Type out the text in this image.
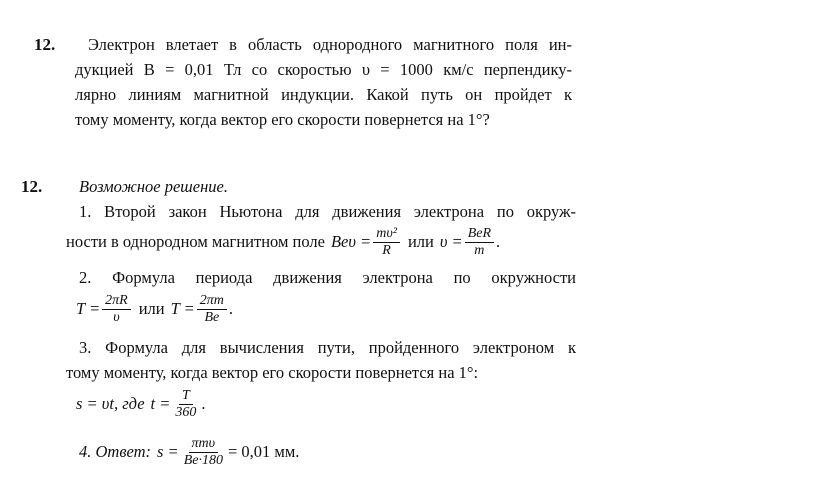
12. Электрон влетает в область однородного магнитного поля ин-
дукцией B = 0,01 Тл со скоростью υ = 1000 км/с перпендику-
лярно линиям магнитной индукции. Какой путь он пройдет к
тому моменту, когда вектор его скорости повернется на 1°?
12. Возможное решение.
1. Второй закон Ньютона для движения электрона по окруж-
ности в однородном магнитном поле $Be\upsilon = \frac{\text{mυ²}}{R}$ или $\upsilon = \frac{\text{BeR}}{m}$ .
2. Формула периода движения электрона по окружности
$T = \frac{2\pi R}{\upsilon}$ или $T = \frac{2\pi m}{Be}$ .
3. Формула для вычисления пути, пройденного электроном к
тому моменту, когда вектор его скорости повернется на 1°:
s = υt, где $t = \frac{T}{360}$ .
4. Ответ: $s = \frac{\text{πmυ}}{Be\cdot 180} = 0,01$ мм.
